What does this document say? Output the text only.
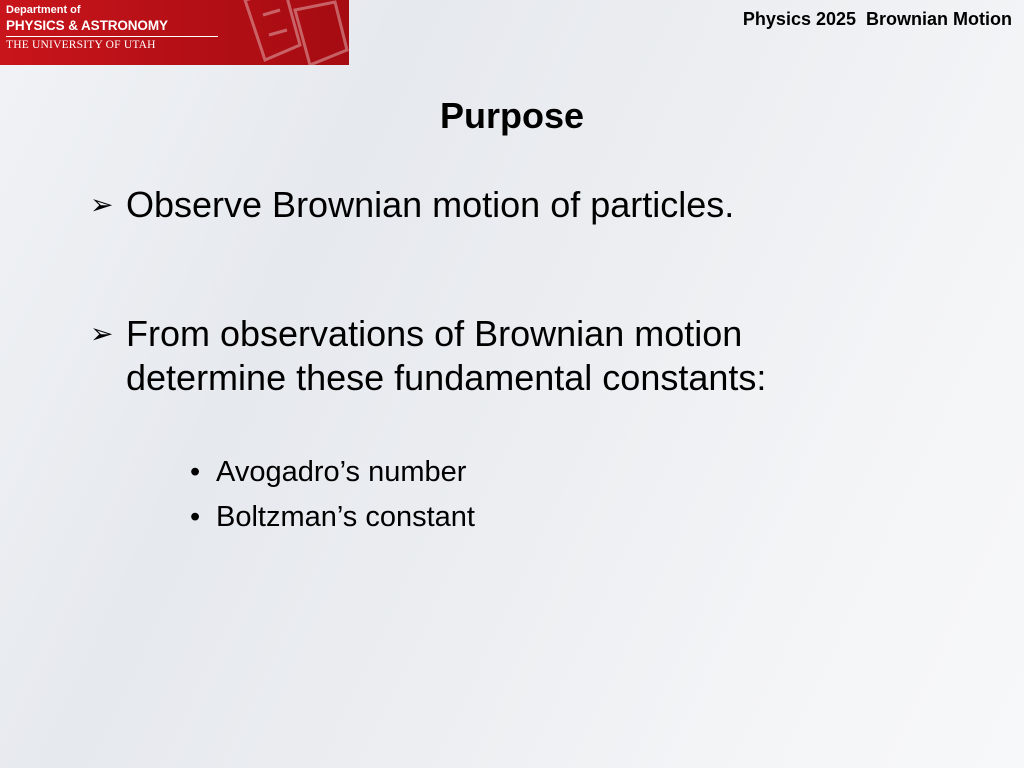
Department of
PHYSICS & ASTRONOMY
THE UNIVERSITY OF UTAH
Physics 2025  Brownian Motion
Purpose
➢ Observe Brownian motion of particles.
➢ From observations of Brownian motion determine these fundamental constants:
• Avogadro’s number
• Boltzman’s constant
